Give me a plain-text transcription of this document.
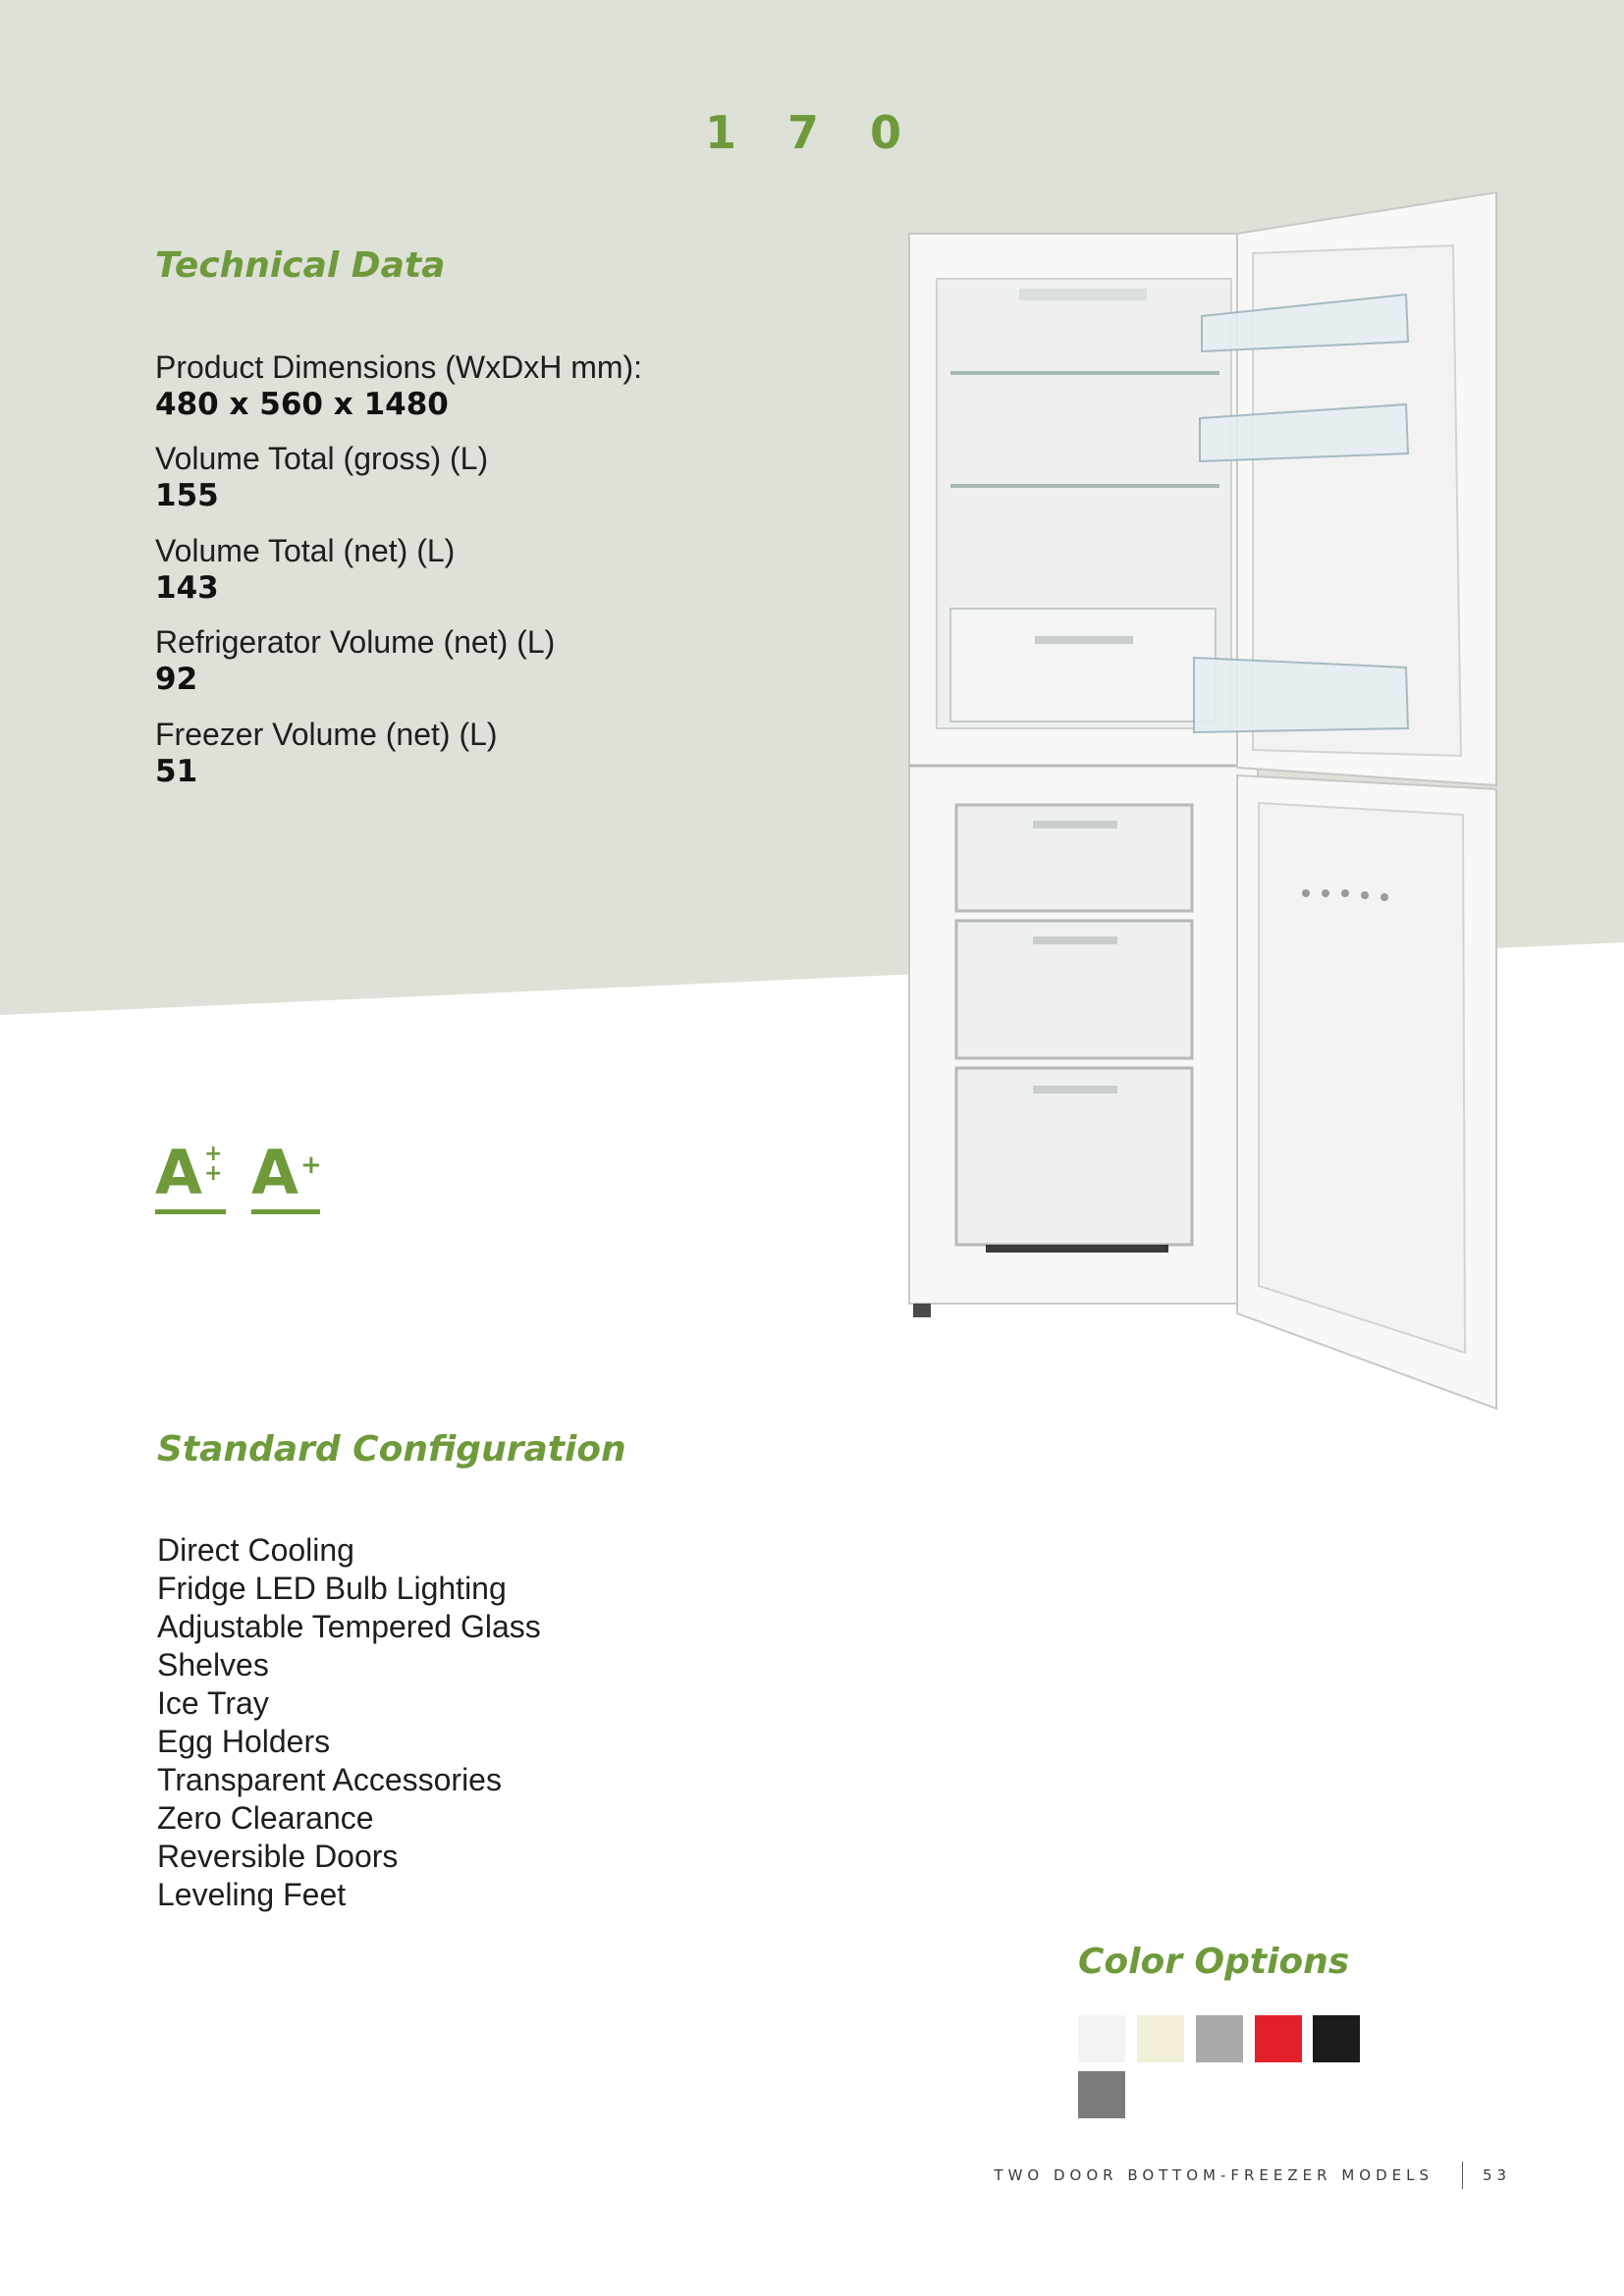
1 7 0
Technical Data
Product Dimensions (WxDxH mm):
480 x 560 x 1480
Volume Total (gross) (L)
155
Volume Total (net) (L)
143
Refrigerator Volume (net) (L)
92
Freezer Volume (net) (L)
51
A +
+ A +
Standard Configuration
Direct Cooling
Fridge LED Bulb Lighting
Adjustable Tempered Glass
Shelves
Ice Tray
Egg Holders
Transparent Accessories
Zero Clearance
Reversible Doors
Leveling Feet
Color Options
TWO DOOR BOTTOM-FREEZER MODELS	53
